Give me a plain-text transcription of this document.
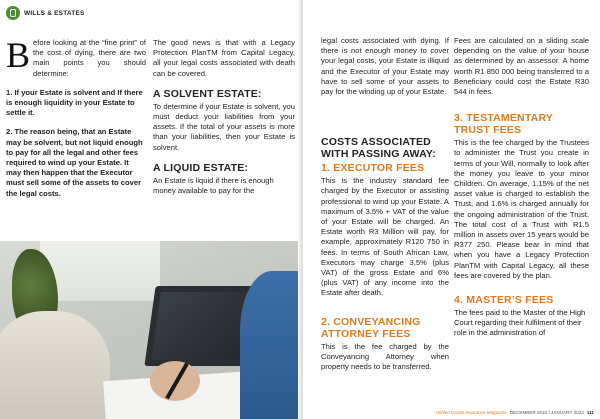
WILLS & ESTATES

Before looking at the “fine print” of the cost of dying, there are two main points you should determine:

1. If your Estate is solvent and If there is enough liquidity in your Estate to settle it.

2. The reason being, that an Estate may be solvent, but not liquid enough to pay for all the legal and other fees required to wind up your Estate. It may then happen that the Executor must sell some of the assets to cover the legal costs.

The good news is that with a Legacy Protection PlanTM from Capital Legacy, all your legal costs associated with death can be covered.

A SOLVENT ESTATE:

To determine if your Estate is solvent, you must deduct your liabilities from your assets. If the total of your assets is more than your liabilities, then your Estate is solvent.

A LIQUID ESTATE:

An Estate is liquid if there is enough money available to pay for the

legal costs associated with dying. If there is not enough money to cover your legal costs, your Estate is illiquid and the Executor of your Estate may have to sell some of your assets to pay for the winding up of your Estate.

COSTS ASSOCIATED WITH PASSING AWAY:
1. EXECUTOR FEES

This is the industry standard fee charged by the Executor or assisting professional to wind up your Estate. A maximum of 3.5% + VAT of the value of your Estate will be charged. An Estate worth R3 Million will pay, for example, approximately R120 750 in fees. In terms of South African Law, Executors may charge 3,5% (plus VAT) of the gross Estate and 6% (plus VAT) of any income into the Estate after death.

2. CONVEYANCING ATTORNEY FEES

This is the fee charged by the Conveyancing Attorney when property needs to be transferred.

Fees are calculated on a sliding scale depending on the value of your house as determined by an assessor. A home worth R1 850 000 being transferred to a Beneficiary could cost the Estate R30 544 in fees.

3. TESTAMENTARY TRUST FEES

This is the fee charged by the Trustees to administer the Trust you create in terms of your Will, normally to look after the money you leave to your minor Children. On average, 1.15% of the net asset value is charged to establish the Trust, and 1.6% is charged annually for the ongoing administration of the Trust. The total cost of a Trust with R1.5 million in assets over 15 years would be R377 250. Please bear in mind that when you have a Legacy Protection PlanTM with Capital Legacy, all these fees are covered by the plan.

4. MASTER’S FEES

The fees paid to the Master of the High Court regarding their fulfilment of their role in the administration of

Unfiled Estate Insurance Magazine DECEMBER 2022 / JANUARY 2023 111
